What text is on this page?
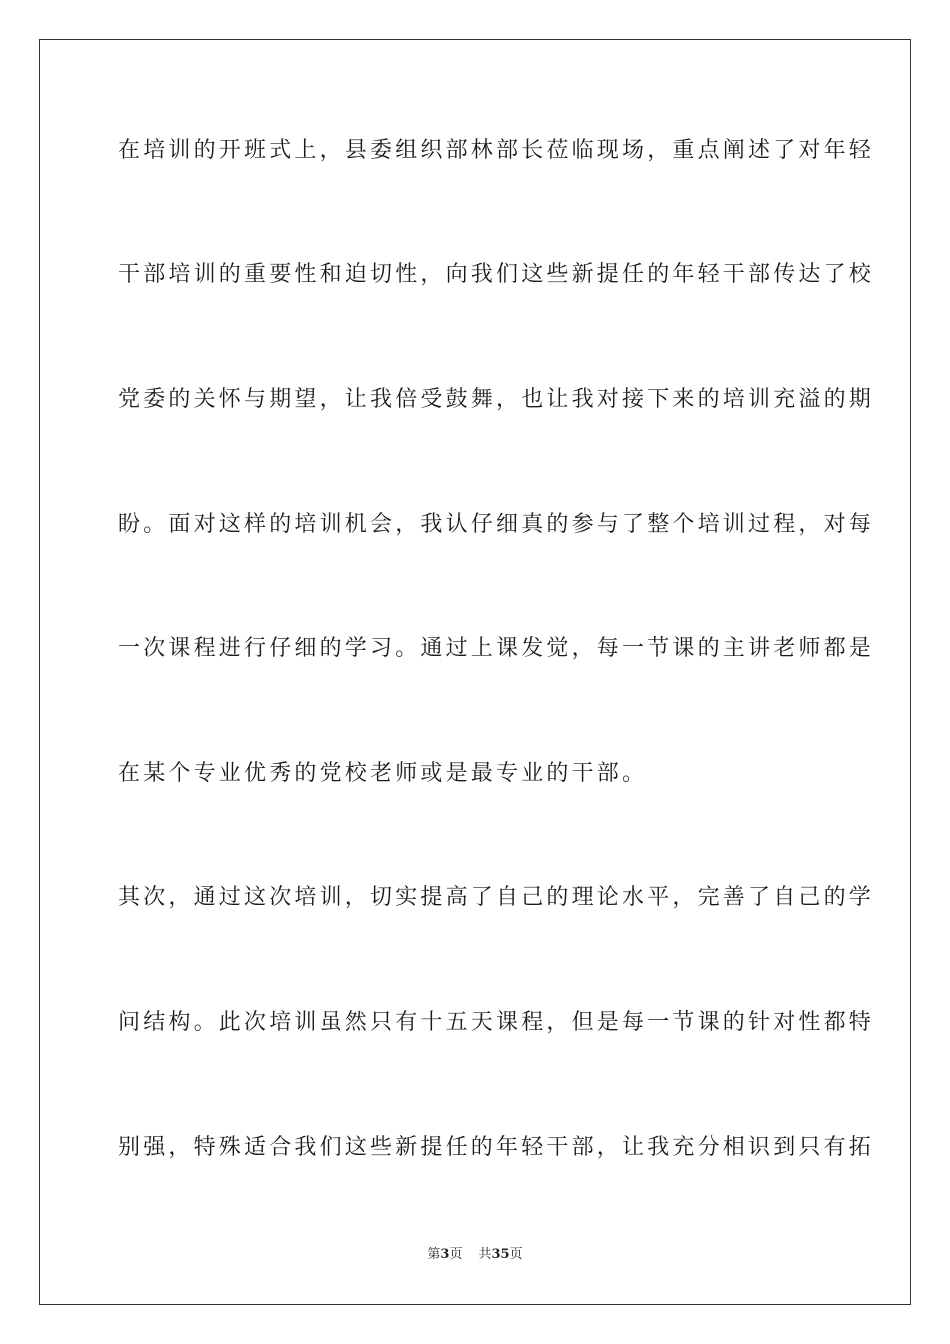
在培训的开班式上，县委组织部林部长莅临现场，重点阐述了对年轻
干部培训的重要性和迫切性，向我们这些新提任的年轻干部传达了校
党委的关怀与期望，让我倍受鼓舞，也让我对接下来的培训充溢的期
盼。面对这样的培训机会，我认仔细真的参与了整个培训过程，对每
一次课程进行仔细的学习。通过上课发觉，每一节课的主讲老师都是
在某个专业优秀的党校老师或是最专业的干部。
其次，通过这次培训，切实提高了自己的理论水平，完善了自己的学
问结构。此次培训虽然只有十五天课程，但是每一节课的针对性都特
别强，特殊适合我们这些新提任的年轻干部，让我充分相识到只有拓
第3页 共35页
